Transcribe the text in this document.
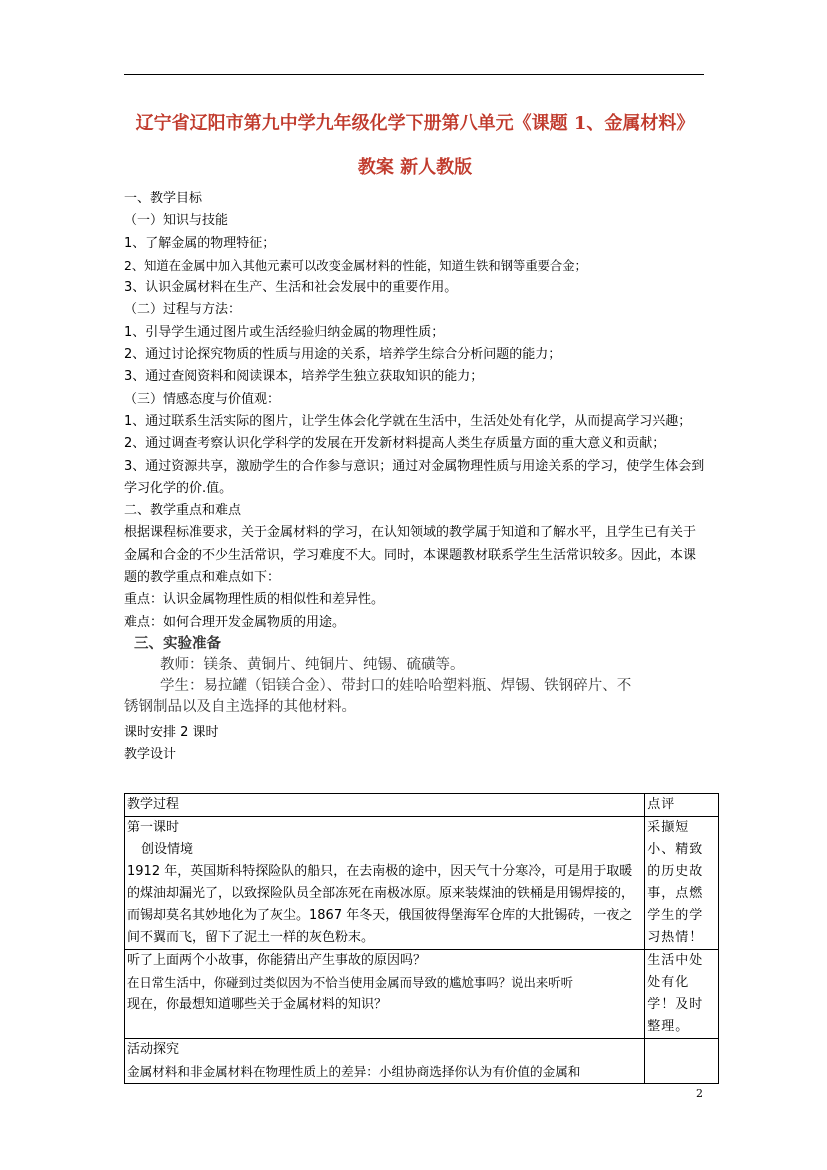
辽宁省辽阳市第九中学九年级化学下册第八单元《课题 1、金属材料》
教案 新人教版

一、教学目标

（一）知识与技能

1、了解金属的物理特征；

2、知道在金属中加入其他元素可以改变金属材料的性能，知道生铁和钢等重要合金；

3、认识金属材料在生产、生活和社会发展中的重要作用。

（二）过程与方法：

1、引导学生通过图片或生活经验归纳金属的物理性质；

2、通过讨论探究物质的性质与用途的关系，培养学生综合分析问题的能力；

3、通过查阅资料和阅读课本，培养学生独立获取知识的能力；

（三）情感态度与价值观：

1、通过联系生活实际的图片，让学生体会化学就在生活中，生活处处有化学，从而提高学习兴趣；

2、通过调查考察认识化学科学的发展在开发新材料提高人类生存质量方面的重大意义和贡献；

3、通过资源共享，激励学生的合作参与意识；通过对金属物理性质与用途关系的学习，使学生体会到学习化学的价.值。

二、教学重点和难点

根据课程标准要求，关于金属材料的学习，在认知领域的教学属于知道和了解水平，且学生已有关于金属和合金的不少生活常识，学习难度不大。同时，本课题教材联系学生生活常识较多。因此，本课题的教学重点和难点如下：

重点：认识金属物理性质的相似性和差异性。

难点：如何合理开发金属物质的用途。

三、实验准备

教师：镁条、黄铜片、纯铜片、纯锡、硫磺等。

学生：易拉罐（铝镁合金）、带封口的娃哈哈塑料瓶、焊锡、铁钢碎片、不

锈钢制品以及自主选择的其他材料。

课时安排 2 课时

教学设计

教学过程	点评

第一课时
创设情境
1912 年，英国斯科特探险队的船只，在去南极的途中，因天气十分寒冷，可是用于取暖的煤油却漏光了，以致探险队员全部冻死在南极冰原。原来装煤油的铁桶是用锡焊接的，而锡却莫名其妙地化为了灰尘。1867 年冬天，俄国彼得堡海军仓库的大批锡砖，一夜之间不翼而飞，留下了泥土一样的灰色粉末。	采撷短小、精致的历史故事，点燃学生的学习热情！

听了上面两个小故事，你能猜出产生事故的原因吗？
在日常生活中，你碰到过类似因为不恰当使用金属而导致的尴尬事吗？说出来听听
现在，你最想知道哪些关于金属材料的知识？	生活中处处有化学！及时整理。

活动探究
金属材料和非金属材料在物理性质上的差异：小组协商选择你认为有价值的金属和	

2
